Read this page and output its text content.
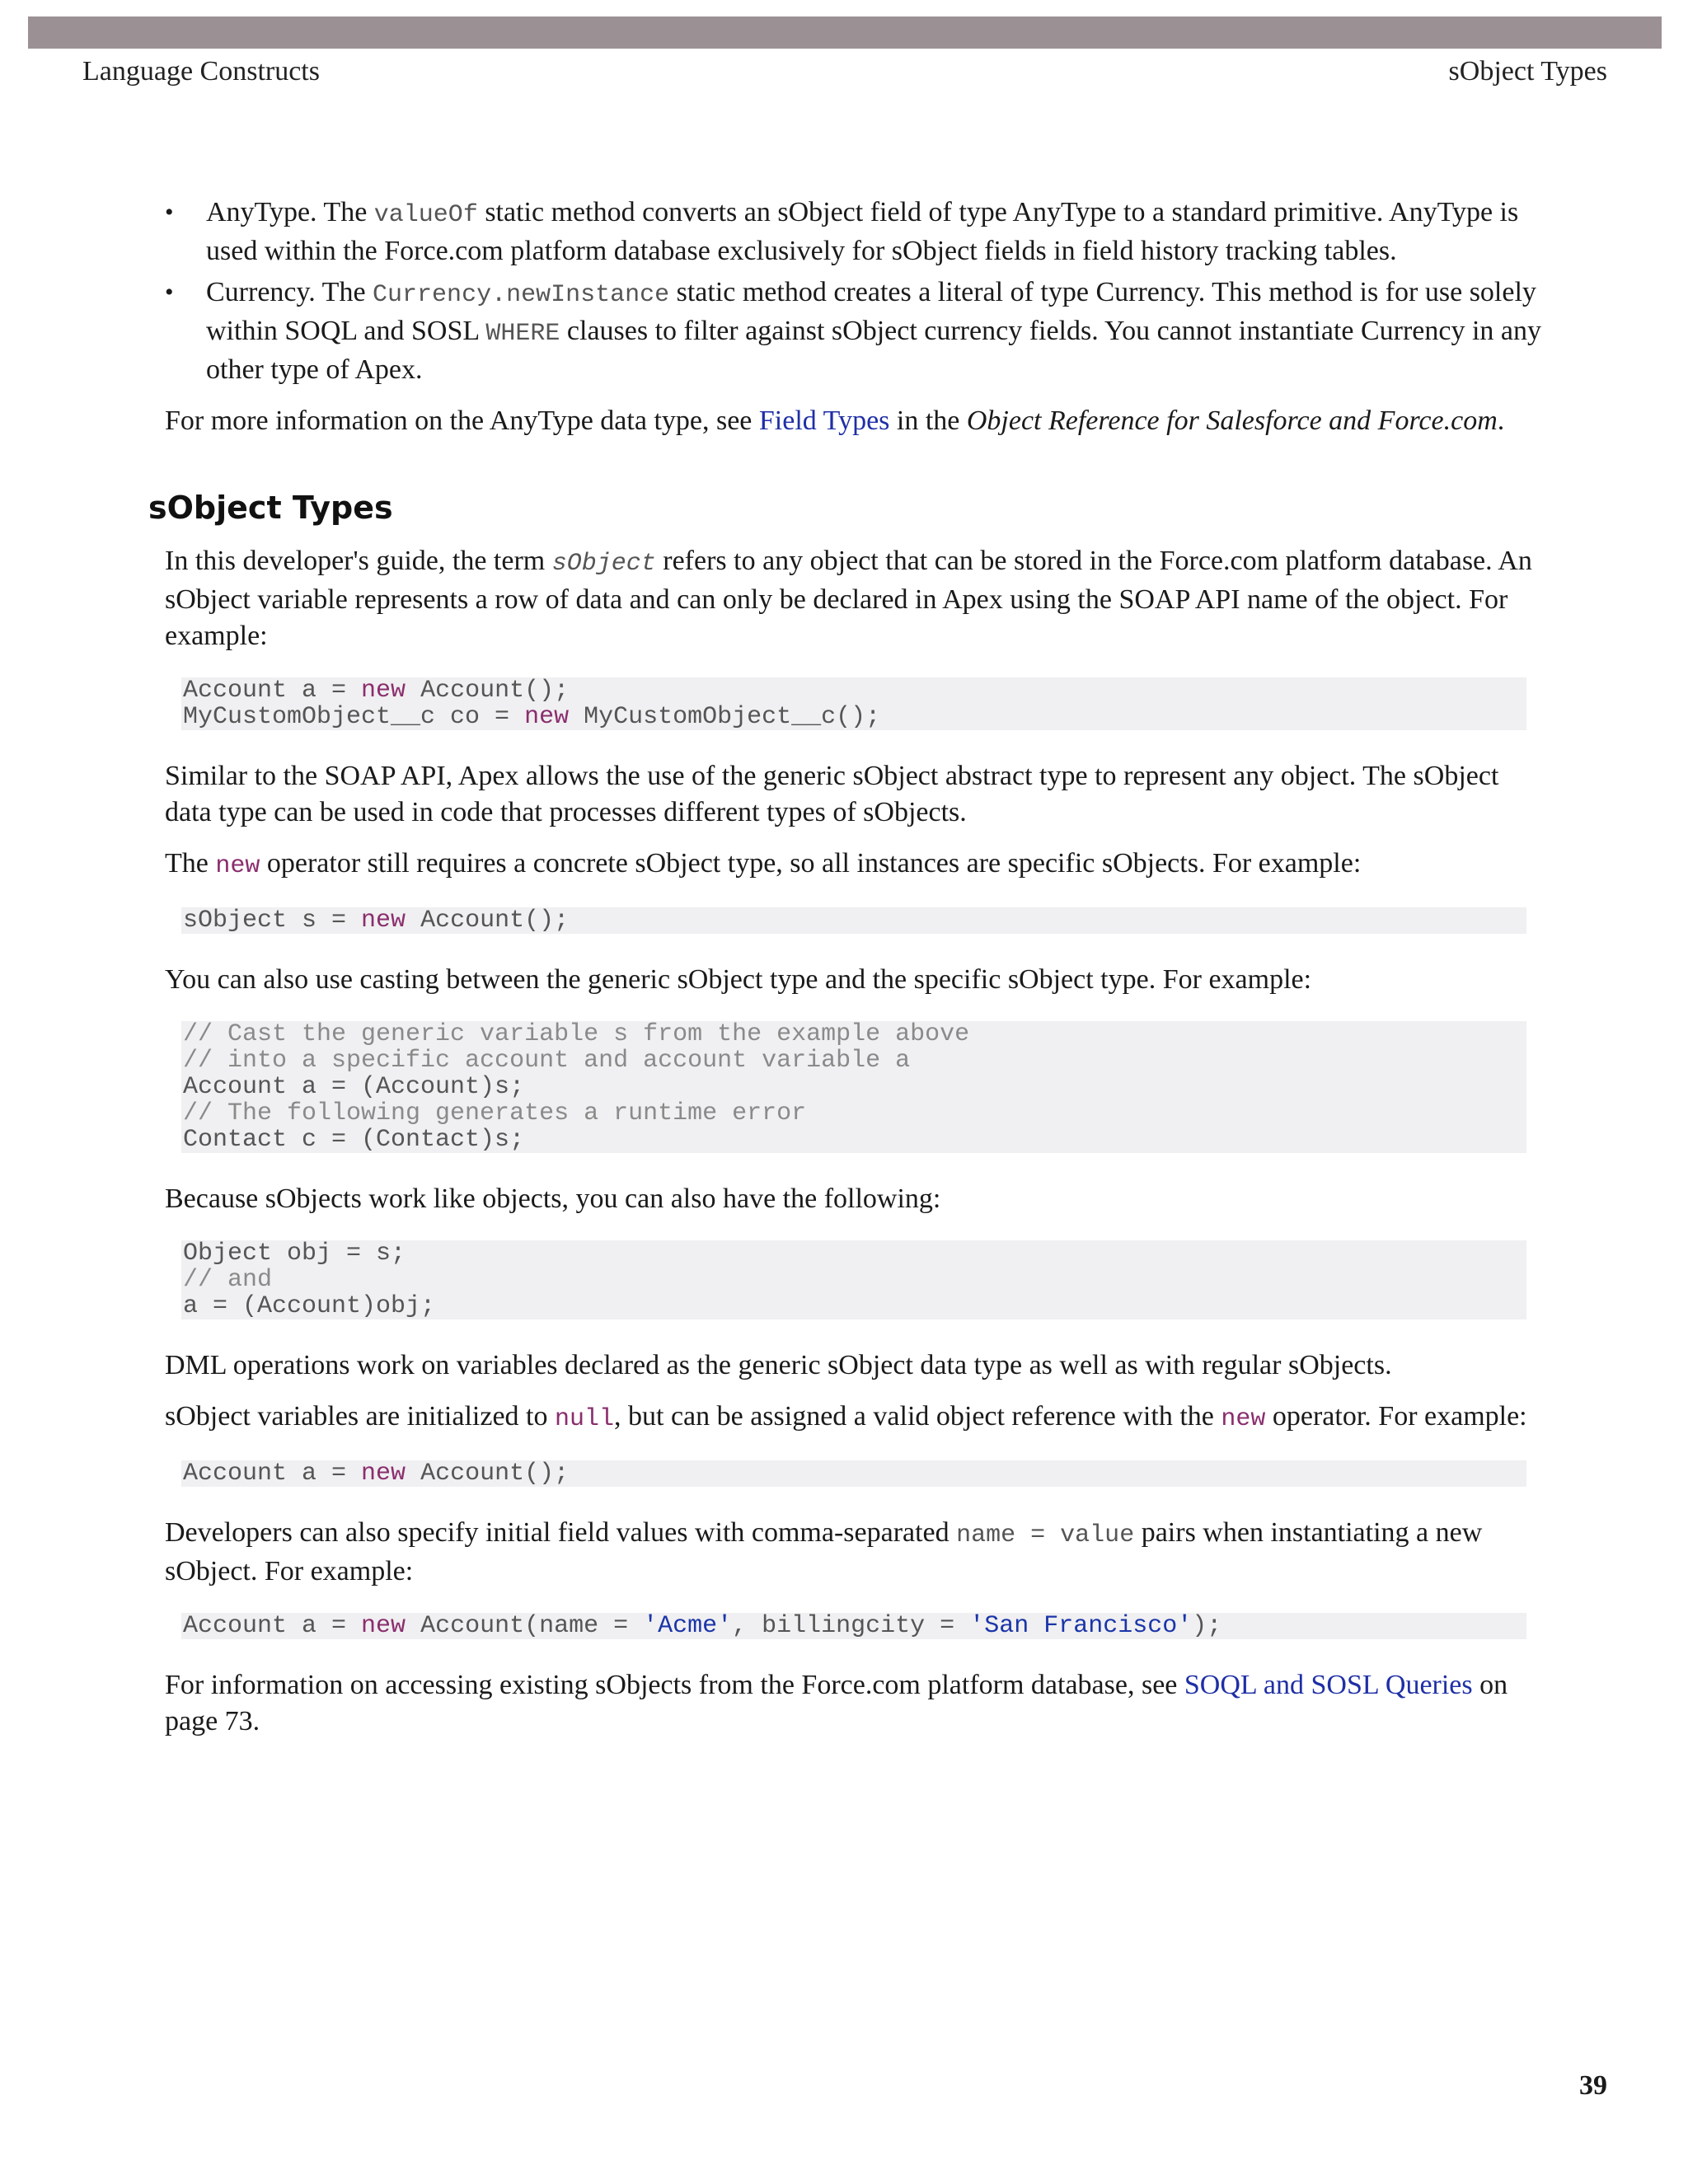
Language Constructs	sObject Types
• AnyType. The valueOf static method converts an sObject field of type AnyType to a standard primitive. AnyType is used within the Force.com platform database exclusively for sObject fields in field history tracking tables.
• Currency. The Currency.newInstance static method creates a literal of type Currency. This method is for use solely within SOQL and SOSL WHERE clauses to filter against sObject currency fields. You cannot instantiate Currency in any other type of Apex.

For more information on the AnyType data type, see Field Types in the Object Reference for Salesforce and Force.com.

sObject Types

In this developer's guide, the term sObject refers to any object that can be stored in the Force.com platform database. An sObject variable represents a row of data and can only be declared in Apex using the SOAP API name of the object. For example:

Account a = new Account();
MyCustomObject__c co = new MyCustomObject__c();

Similar to the SOAP API, Apex allows the use of the generic sObject abstract type to represent any object. The sObject data type can be used in code that processes different types of sObjects.

The new operator still requires a concrete sObject type, so all instances are specific sObjects. For example:

sObject s = new Account();

You can also use casting between the generic sObject type and the specific sObject type. For example:

// Cast the generic variable s from the example above
// into a specific account and account variable a
Account a = (Account)s;
// The following generates a runtime error
Contact c = (Contact)s;

Because sObjects work like objects, you can also have the following:

Object obj = s;
// and
a = (Account)obj;

DML operations work on variables declared as the generic sObject data type as well as with regular sObjects.

sObject variables are initialized to null, but can be assigned a valid object reference with the new operator. For example:

Account a = new Account();

Developers can also specify initial field values with comma-separated name = value pairs when instantiating a new sObject. For example:

Account a = new Account(name = 'Acme', billingcity = 'San Francisco');

For information on accessing existing sObjects from the Force.com platform database, see SOQL and SOSL Queries on page 73.

39
